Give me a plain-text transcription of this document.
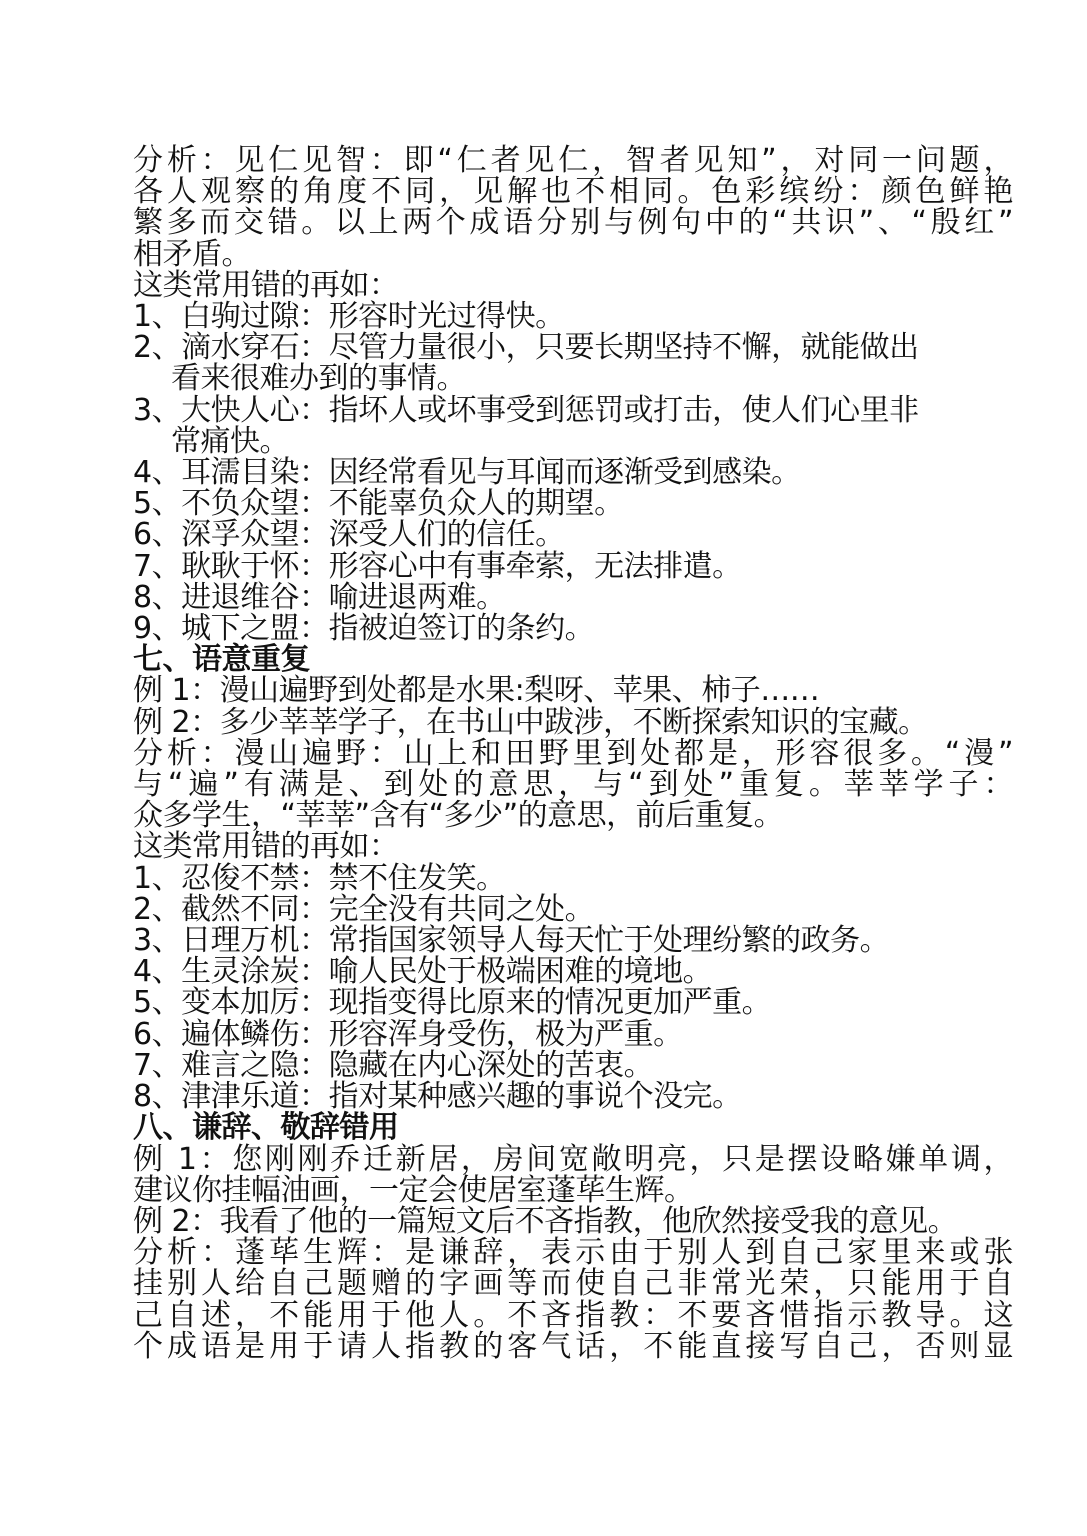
分析：见仁见智：即“仁者见仁，智者见知”，对同一问题，
各人观察的角度不同，见解也不相同。色彩缤纷：颜色鲜艳
繁多而交错。以上两个成语分别与例句中的“共识”、“殷红”
相矛盾。
这类常用错的再如：
1、白驹过隙：形容时光过得快。
2、滴水穿石：尽管力量很小，只要长期坚持不懈，就能做出
看来很难办到的事情。
3、大快人心：指坏人或坏事受到惩罚或打击，使人们心里非
常痛快。
4、耳濡目染：因经常看见与耳闻而逐渐受到感染。
5、不负众望：不能辜负众人的期望。
6、深孚众望：深受人们的信任。
7、耿耿于怀：形容心中有事牵萦，无法排遣。
8、进退维谷：喻进退两难。
9、城下之盟：指被迫签订的条约。
七、语意重复
例 1：漫山遍野到处都是水果:梨呀、苹果、柿子……
例 2：多少莘莘学子，在书山中跋涉，不断探索知识的宝藏。
分析：漫山遍野：山上和田野里到处都是，形容很多。“漫”
与“遍”有满是、到处的意思，与“到处”重复。莘莘学子：
众多学生，“莘莘”含有“多少”的意思，前后重复。
这类常用错的再如：
1、忍俊不禁：禁不住发笑。
2、截然不同：完全没有共同之处。
3、日理万机：常指国家领导人每天忙于处理纷繁的政务。
4、生灵涂炭：喻人民处于极端困难的境地。
5、变本加厉：现指变得比原来的情况更加严重。
6、遍体鳞伤：形容浑身受伤，极为严重。
7、难言之隐：隐藏在内心深处的苦衷。
8、津津乐道：指对某种感兴趣的事说个没完。
八、谦辞、敬辞错用
例 1：您刚刚乔迁新居，房间宽敞明亮，只是摆设略嫌单调，
建议你挂幅油画，一定会使居室蓬荜生辉。
例 2：我看了他的一篇短文后不吝指教，他欣然接受我的意见。
分析：蓬荜生辉：是谦辞，表示由于别人到自己家里来或张
挂别人给自己题赠的字画等而使自己非常光荣，只能用于自
己自述，不能用于他人。不吝指教：不要吝惜指示教导。这
个成语是用于请人指教的客气话，不能直接写自己，否则显
